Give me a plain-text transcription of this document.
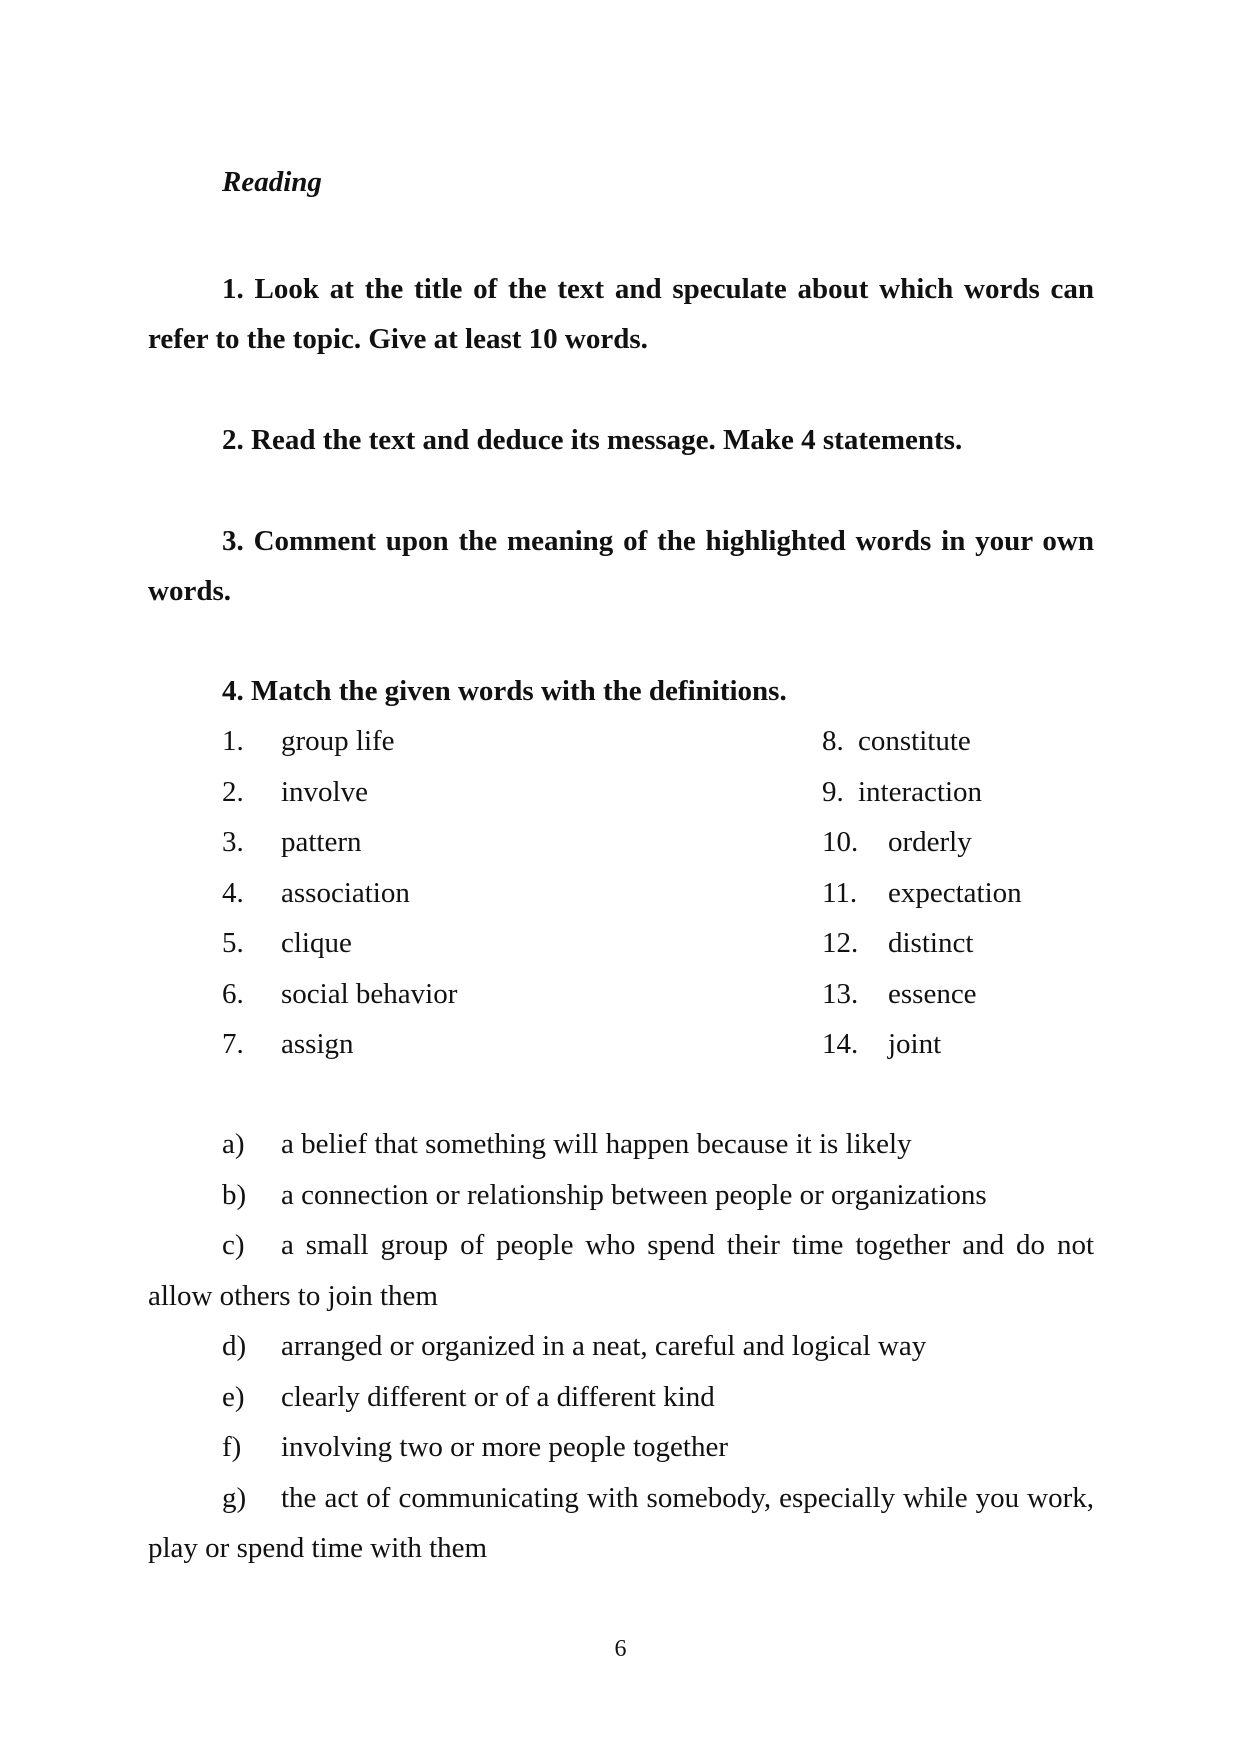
Reading

1. Look at the title of the text and speculate about which words can refer to the topic. Give at least 10 words.

2. Read the text and deduce its message. Make 4 statements.

3. Comment upon the meaning of the highlighted words in your own words.

4. Match the given words with the definitions.

1. group life
2. involve
3. pattern
4. association
5. clique
6. social behavior
7. assign
8. constitute
9. interaction
10. orderly
11. expectation
12. distinct
13. essence
14. joint
a) a belief that something will happen because it is likely
b) a connection or relationship between people or organizations
c) a small group of people who spend their time together and do not allow others to join them
d) arranged or organized in a neat, careful and logical way
e) clearly different or of a different kind
f) involving two or more people together
g) the act of communicating with somebody, especially while you work, play or spend time with them

6
